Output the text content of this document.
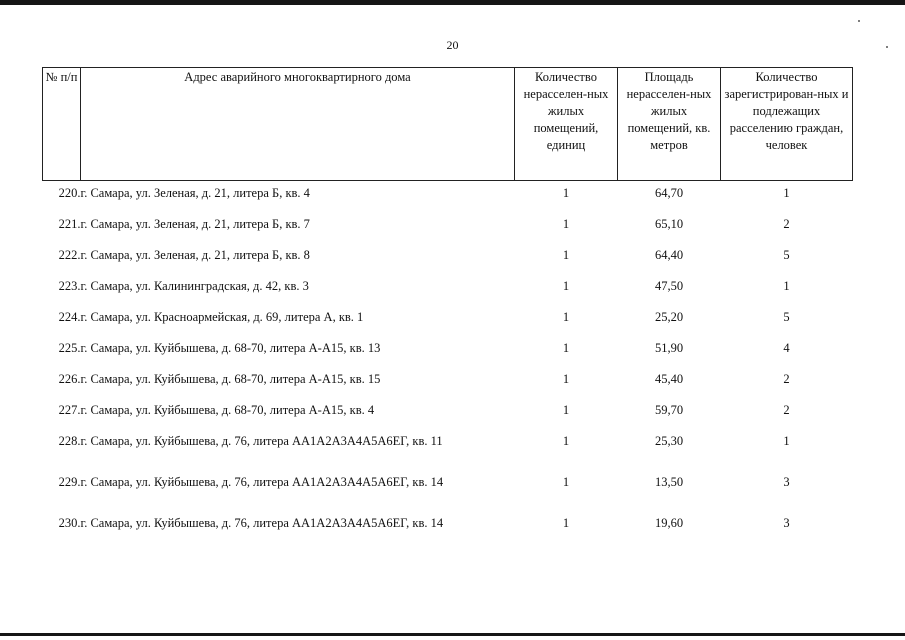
20
№ п/п	Адрес аварийного многоквартирного дома	Количество нерасселен-ных жилых помещений, единиц	Площадь нерасселен-ных жилых помещений, кв. метров	Количество зарегистрирован-ных и подлежащих расселению граждан, человек
220.	г. Самара, ул. Зеленая, д. 21, литера Б, кв. 4	1	64,70	1
221.	г. Самара, ул. Зеленая, д. 21, литера Б, кв. 7	1	65,10	2
222.	г. Самара, ул. Зеленая, д. 21, литера Б, кв. 8	1	64,40	5
223.	г. Самара, ул. Калининградская, д. 42, кв. 3	1	47,50	1
224.	г. Самара, ул. Красноармейская, д. 69, литера А, кв. 1	1	25,20	5
225.	г. Самара, ул. Куйбышева, д. 68-70, литера А-А15, кв. 13	1	51,90	4
226.	г. Самара, ул. Куйбышева, д. 68-70, литера А-А15, кв. 15	1	45,40	2
227.	г. Самара, ул. Куйбышева, д. 68-70, литера А-А15, кв. 4	1	59,70	2
228.	г. Самара, ул. Куйбышева, д. 76, литера АА1А2А3А4А5А6ЕГ, кв. 11	1	25,30	1
229.	г. Самара, ул. Куйбышева, д. 76, литера АА1А2А3А4А5А6ЕГ, кв. 14	1	13,50	3
230.	г. Самара, ул. Куйбышева, д. 76, литера АА1А2А3А4А5А6ЕГ, кв. 14	1	19,60	3
